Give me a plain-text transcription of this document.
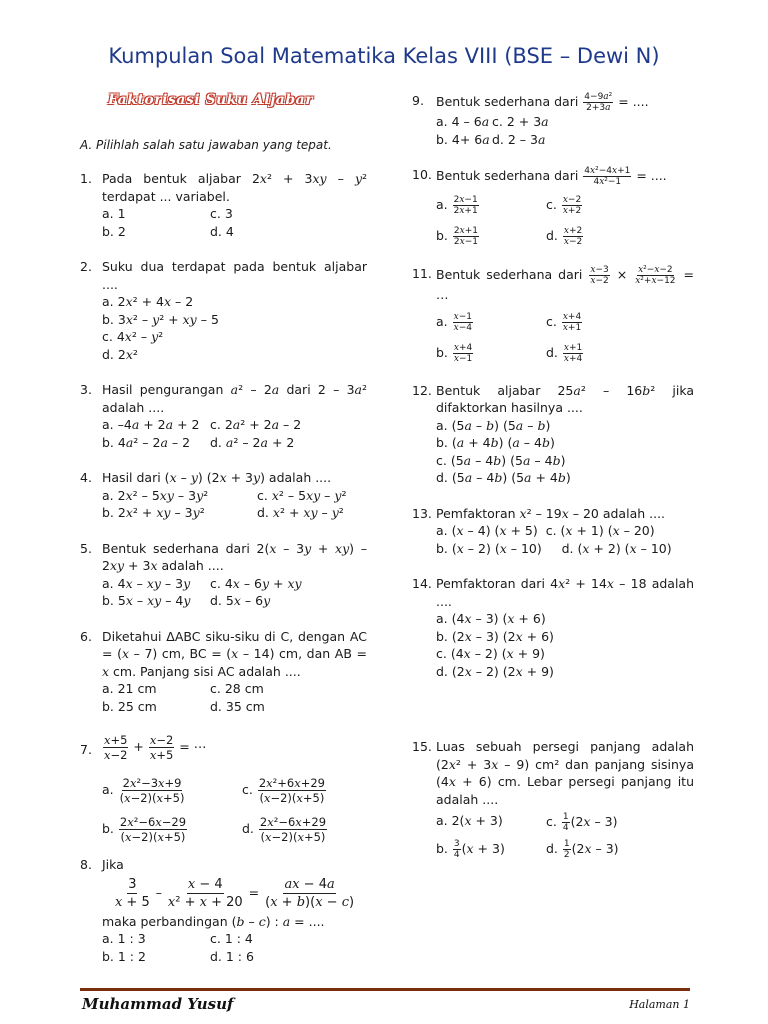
Kumpulan Soal Matematika Kelas VIII (BSE – Dewi N)
Faktorisasi Suku Aljabar
A. Pilihlah salah satu jawaban yang tepat.
1. Pada bentuk aljabar 2x² + 3xy – y² terdapat ... variabel.
a. 1	c. 3
b. 2	d. 4
2. Suku dua terdapat pada bentuk aljabar ....
a. 2x² + 4x – 2
b. 3x² – y² + xy – 5
c. 4x² – y²
d. 2x²
3. Hasil pengurangan a² – 2a dari 2 – 3a² adalah ....
a. –4a + 2a + 2 c. 2a² + 2a – 2
b. 4a² – 2a – 2	d. a² – 2a + 2
4. Hasil dari (x – y) (2x + 3y) adalah ....
a. 2x² – 5xy – 3y²	c. x² – 5xy – y²
b. 2x² + xy – 3y²	d. x² + xy – y²
5. Bentuk sederhana dari 2(x – 3y + xy) – 2xy + 3x adalah ....
a. 4x – xy – 3y	c. 4x – 6y + xy
b. 5x – xy – 4y	d. 5x – 6y
6. Diketahui ΔABC siku-siku di C, dengan AC = (x – 7) cm, BC = (x – 14) cm, dan AB = x cm. Panjang sisi AC adalah ....
a. 21 cm	c. 28 cm
b. 25 cm	d. 35 cm
7. $\frac{x+5}{x-2} + \frac{x-2}{x+5}$ = ⋯
a. $\frac{\text{2x²−3x+9}}{(x-2)(x+5)}$	c. $\frac{\text{2x²+6x+29}}{(x-2)(x+5)}$
b. $\frac{\text{2x²−6x−29}}{(x-2)(x+5)}$	d. $\frac{\text{2x²−6x+29}}{(x-2)(x+5)}$
8. Jika
$\frac{3}{x + 5} - \frac{x - 4}{\text{x² + x + 20}} = \frac{ax - 4a}{(x + b)(x - c)}$
maka perbandingan (b – c) : a = ....
a. 1 : 3	c. 1 : 4
b. 1 : 2	d. 1 : 6
9. Bentuk sederhana dari $\frac{\text{4−9a²}}{2+3a}$ = ....
a. 4 – 6a c. 2 + 3a
b. 4+ 6a d. 2 – 3a
10. Bentuk sederhana dari $\frac{\text{4x²−4x+1}}{\text{4x²−1}}$ = ....
a. $\frac{2x-1}{2x+1}$	c. $\frac{x-2}{x+2}$
b. $\frac{2x+1}{2x-1}$	d. $\frac{x+2}{x-2}$
11. Bentuk sederhana dari $\frac{x-3}{x-2} \times \frac{\text{x²−x−2}}{\text{x²+x−12}}$ = …
a. $\frac{x-1}{x-4}$	c. $\frac{x+4}{x+1}$
b. $\frac{x+4}{x-1}$	d. $\frac{x+1}{x+4}$
12. Bentuk aljabar 25a² – 16b² jika difaktorkan hasilnya ....
a. (5a – b) (5a – b)
b. (a + 4b) (a – 4b)
c. (5a – 4b) (5a – 4b)
d. (5a – 4b) (5a + 4b)
13. Pemfaktoran x² – 19x – 20 adalah ....
a. (x – 4) (x + 5)  c. (x + 1) (x – 20)
b. (x – 2) (x – 10)     d. (x + 2) (x – 10)
14. Pemfaktoran dari 4x² + 14x – 18 adalah ....
a. (4x – 3) (x + 6)
b. (2x – 3) (2x + 6)
c. (4x – 2) (x + 9)
d. (2x – 2) (2x + 9)
15. Luas sebuah persegi panjang adalah (2x² + 3x – 9) cm² dan panjang sisinya (4x + 6) cm. Lebar persegi panjang itu adalah ....
a. 2(x + 3)	c. $\frac{1}{4} (2x - 3)$
b. $\frac{3}{4} (x + 3)$	d. $\frac{1}{2} (2x - 3)$
Muhammad Yusuf	Halaman 1
